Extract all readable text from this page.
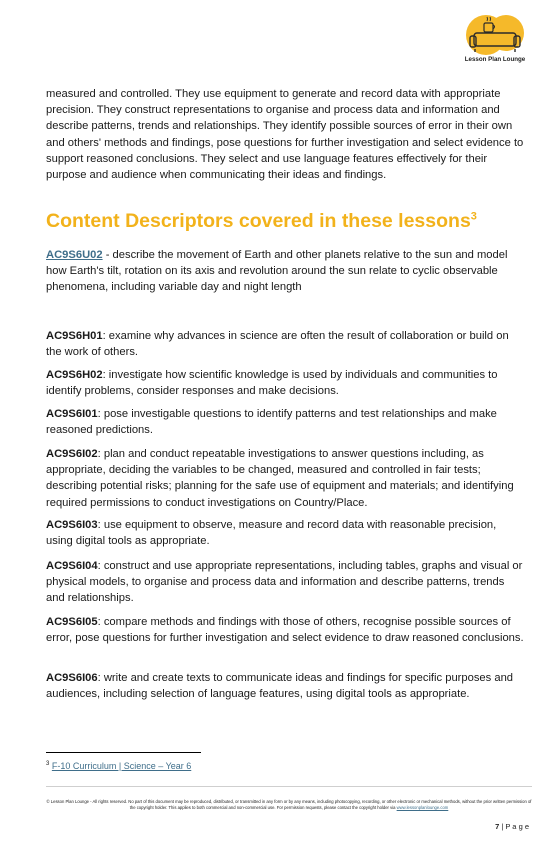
Lesson Plan Lounge

measured and controlled. They use equipment to generate and record data with appropriate precision. They construct representations to organise and process data and information and describe patterns, trends and relationships. They identify possible sources of error in their own and others' methods and findings, pose questions for further investigation and select evidence to support reasoned conclusions. They select and use language features effectively for their purpose and audience when communicating their ideas and findings.

Content Descriptors covered in these lessons$^3$

AC9S6U02 - describe the movement of Earth and other planets relative to the sun and model how Earth's tilt, rotation on its axis and revolution around the sun relate to cyclic observable phenomena, including variable day and night length

AC9S6H01: examine why advances in science are often the result of collaboration or build on the work of others.

AC9S6H02: investigate how scientific knowledge is used by individuals and communities to identify problems, consider responses and make decisions.

AC9S6I01: pose investigable questions to identify patterns and test relationships and make reasoned predictions.

AC9S6I02: plan and conduct repeatable investigations to answer questions including, as appropriate, deciding the variables to be changed, measured and controlled in fair tests; describing potential risks; planning for the safe use of equipment and materials; and identifying required permissions to conduct investigations on Country/Place.

AC9S6I03: use equipment to observe, measure and record data with reasonable precision, using digital tools as appropriate.

AC9S6I04: construct and use appropriate representations, including tables, graphs and visual or physical models, to organise and process data and information and describe patterns, trends and relationships.

AC9S6I05: compare methods and findings with those of others, recognise possible sources of error, pose questions for further investigation and select evidence to draw reasoned conclusions.

AC9S6I06: write and create texts to communicate ideas and findings for specific purposes and audiences, including selection of language features, using digital tools as appropriate.

$^3$ F-10 Curriculum | Science – Year 6
© Lesson Plan Lounge - All rights reserved. No part of this document may be reproduced, distributed, or transmitted in any form or by any means, including photocopying, recording, or other electronic or mechanical methods, without the prior written permission of the copyright holder. This applies to both commercial and non-commercial use. For permission requests, please contact the copyright holder via www.lessonplanlounge.com
7 | P a g e
